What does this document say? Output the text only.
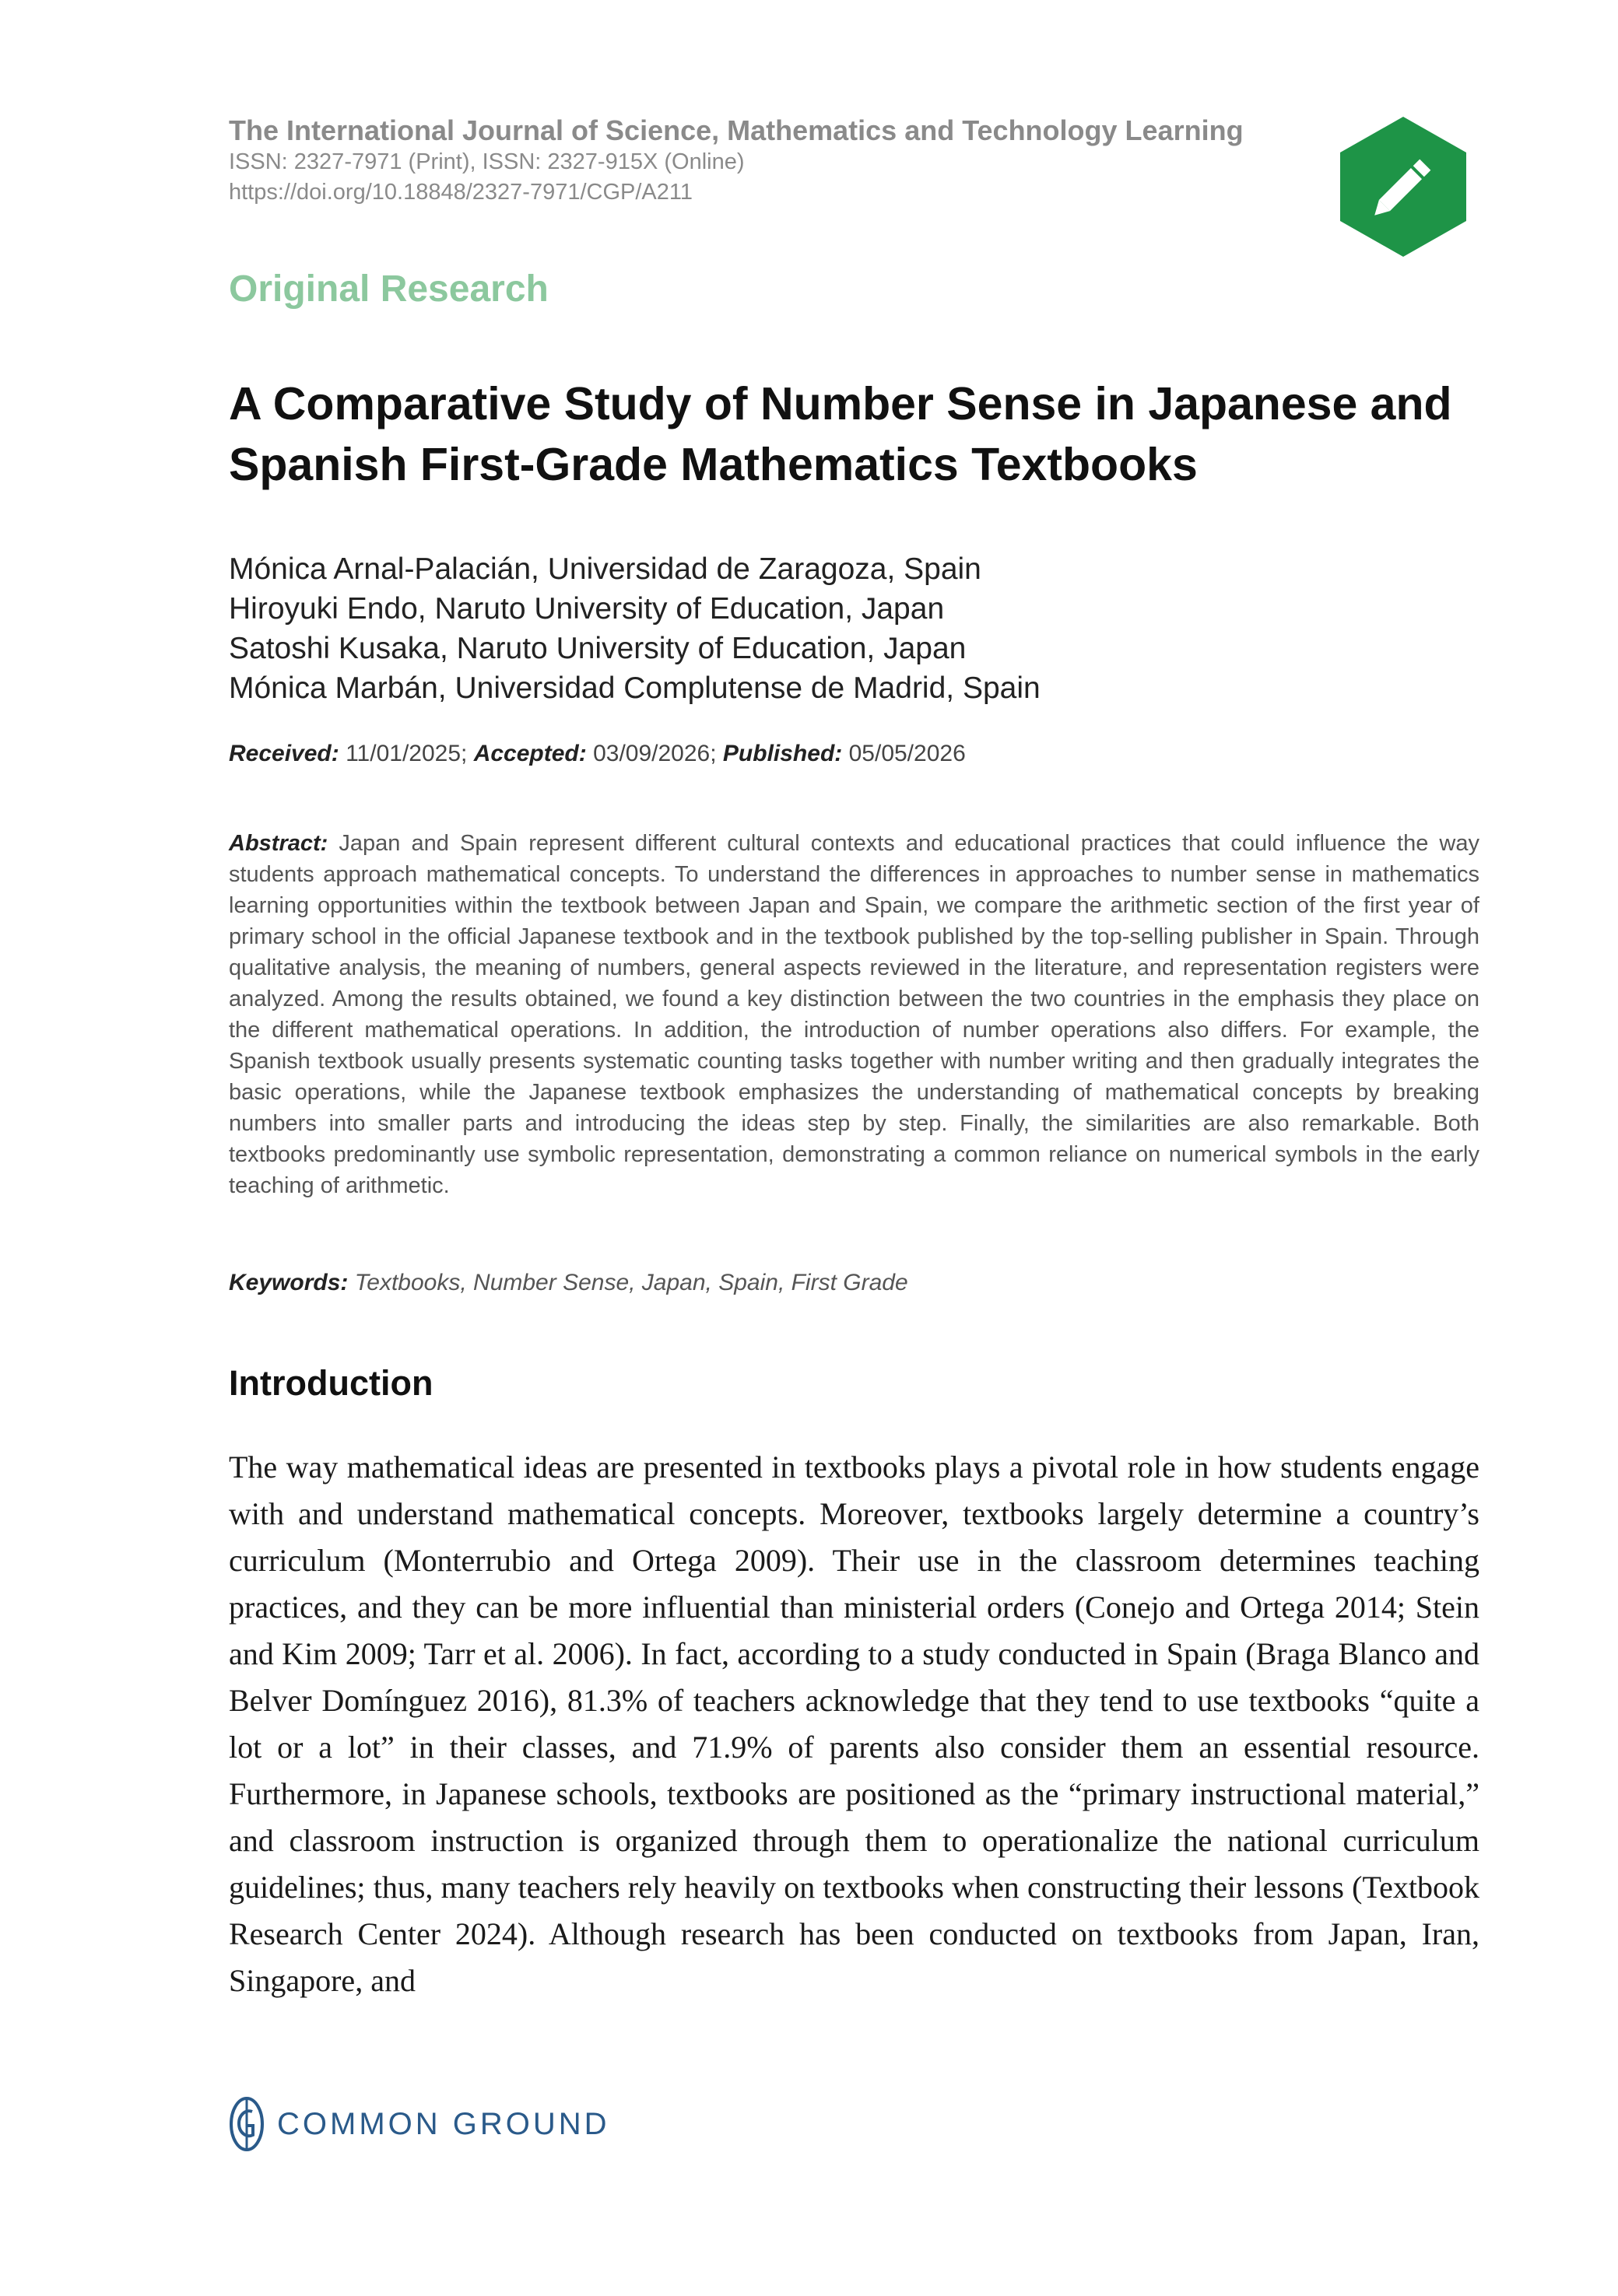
The International Journal of Science, Mathematics and Technology Learning

ISSN: 2327-7971 (Print), ISSN: 2327-915X (Online)

https://doi.org/10.18848/2327-7971/CGP/A211

Original Research

A Comparative Study of Number Sense in Japanese and Spanish First-Grade Mathematics Textbooks

Mónica Arnal-Palacián, Universidad de Zaragoza, Spain

Hiroyuki Endo, Naruto University of Education, Japan

Satoshi Kusaka, Naruto University of Education, Japan

Mónica Marbán, Universidad Complutense de Madrid, Spain

Received: 11/01/2025; Accepted: 03/09/2026; Published: 05/05/2026

Abstract: Japan and Spain represent different cultural contexts and educational practices that could influence the way students approach mathematical concepts. To understand the differences in approaches to number sense in mathematics learning opportunities within the textbook between Japan and Spain, we compare the arithmetic section of the first year of primary school in the official Japanese textbook and in the textbook published by the top-selling publisher in Spain. Through qualitative analysis, the meaning of numbers, general aspects reviewed in the literature, and representation registers were analyzed. Among the results obtained, we found a key distinction between the two countries in the emphasis they place on the different mathematical operations. In addition, the introduction of number operations also differs. For example, the Spanish textbook usually presents systematic counting tasks together with number writing and then gradually integrates the basic operations, while the Japanese textbook emphasizes the understanding of mathematical concepts by breaking numbers into smaller parts and introducing the ideas step by step. Finally, the similarities are also remarkable. Both textbooks predominantly use symbolic representation, demonstrating a common reliance on numerical symbols in the early teaching of arithmetic.

Keywords: Textbooks, Number Sense, Japan, Spain, First Grade

Introduction

The way mathematical ideas are presented in textbooks plays a pivotal role in how students engage with and understand mathematical concepts. Moreover, textbooks largely determine a country’s curriculum (Monterrubio and Ortega 2009). Their use in the classroom determines teaching practices, and they can be more influential than ministerial orders (Conejo and Ortega 2014; Stein and Kim 2009; Tarr et al. 2006). In fact, according to a study conducted in Spain (Braga Blanco and Belver Domínguez 2016), 81.3% of teachers acknowledge that they tend to use textbooks “quite a lot or a lot” in their classes, and 71.9% of parents also consider them an essential resource. Furthermore, in Japanese schools, textbooks are positioned as the “primary instructional material,” and classroom instruction is organized through them to operationalize the national curriculum guidelines; thus, many teachers rely heavily on textbooks when constructing their lessons (Textbook Research Center 2024). Although research has been conducted on textbooks from Japan, Iran, Singapore, and

COMMON GROUND
